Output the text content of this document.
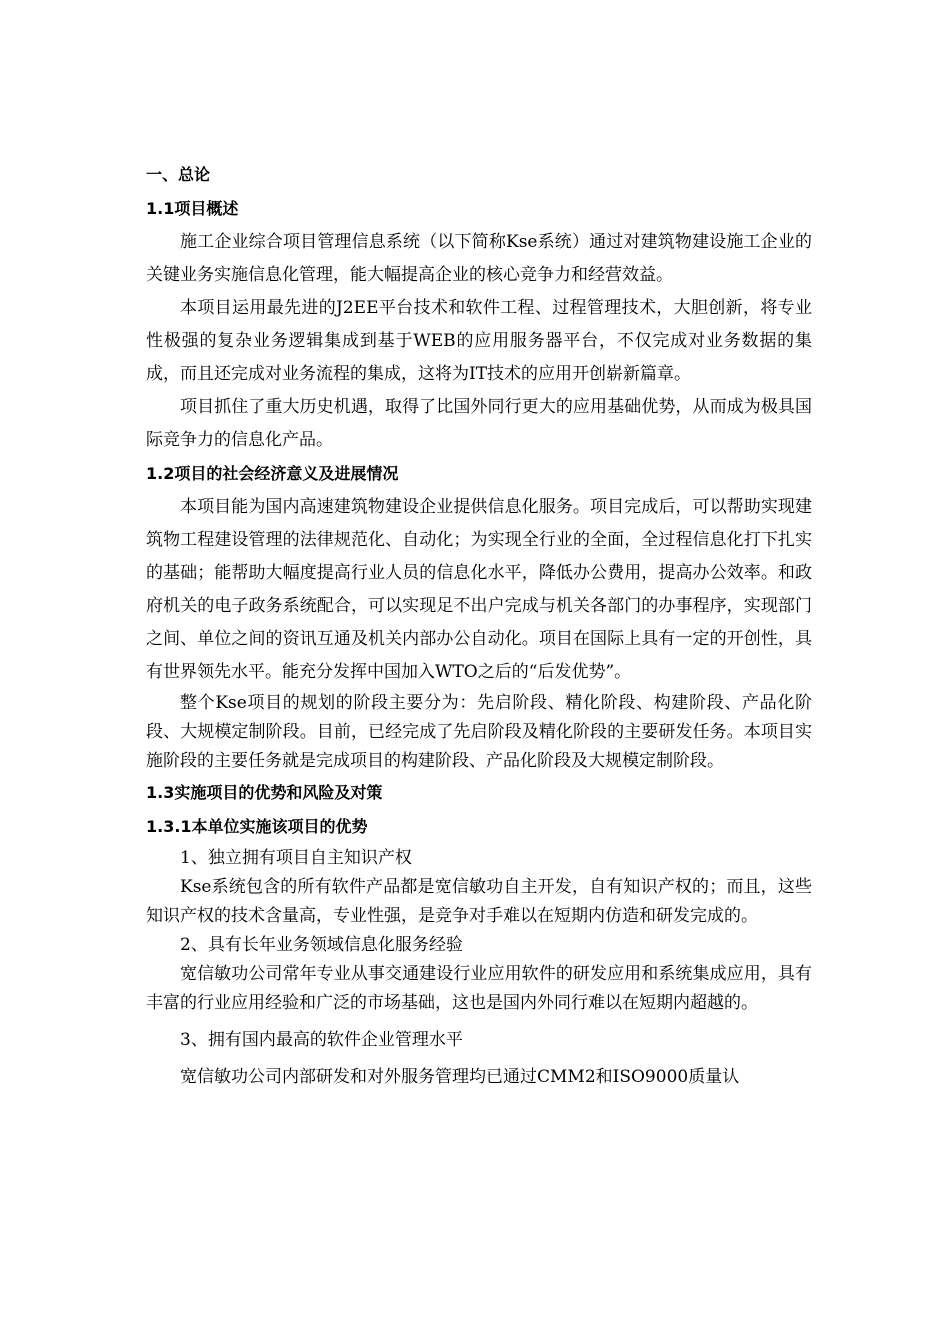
一、总论
1.1项目概述

施工企业综合项目管理信息系统（以下简称Kse系统）通过对建筑物建设施工企业的关键业务实施信息化管理，能大幅提高企业的核心竞争力和经营效益。

本项目运用最先进的J2EE平台技术和软件工程、过程管理技术，大胆创新，将专业性极强的复杂业务逻辑集成到基于WEB的应用服务器平台，不仅完成对业务数据的集成，而且还完成对业务流程的集成，这将为IT技术的应用开创崭新篇章。

项目抓住了重大历史机遇，取得了比国外同行更大的应用基础优势，从而成为极具国际竞争力的信息化产品。

1.2项目的社会经济意义及进展情况

本项目能为国内高速建筑物建设企业提供信息化服务。项目完成后，可以帮助实现建筑物工程建设管理的法律规范化、自动化；为实现全行业的全面，全过程信息化打下扎实的基础；能帮助大幅度提高行业人员的信息化水平，降低办公费用，提高办公效率。和政府机关的电子政务系统配合，可以实现足不出户完成与机关各部门的办事程序，实现部门之间、单位之间的资讯互通及机关内部办公自动化。项目在国际上具有一定的开创性，具有世界领先水平。能充分发挥中国加入WTO之后的“后发优势”。

整个Kse项目的规划的阶段主要分为：先启阶段、精化阶段、构建阶段、产品化阶段、大规模定制阶段。目前，已经完成了先启阶段及精化阶段的主要研发任务。本项目实施阶段的主要任务就是完成项目的构建阶段、产品化阶段及大规模定制阶段。

1.3实施项目的优势和风险及对策
1.3.1本单位实施该项目的优势
1、独立拥有项目自主知识产权

Kse系统包含的所有软件产品都是宽信敏功自主开发，自有知识产权的；而且，这些知识产权的技术含量高，专业性强，是竞争对手难以在短期内仿造和研发完成的。

2、具有长年业务领域信息化服务经验

宽信敏功公司常年专业从事交通建设行业应用软件的研发应用和系统集成应用，具有丰富的行业应用经验和广泛的市场基础，这也是国内外同行难以在短期内超越的。

3、拥有国内最高的软件企业管理水平

宽信敏功公司内部研发和对外服务管理均已通过CMM2和ISO9000质量认
